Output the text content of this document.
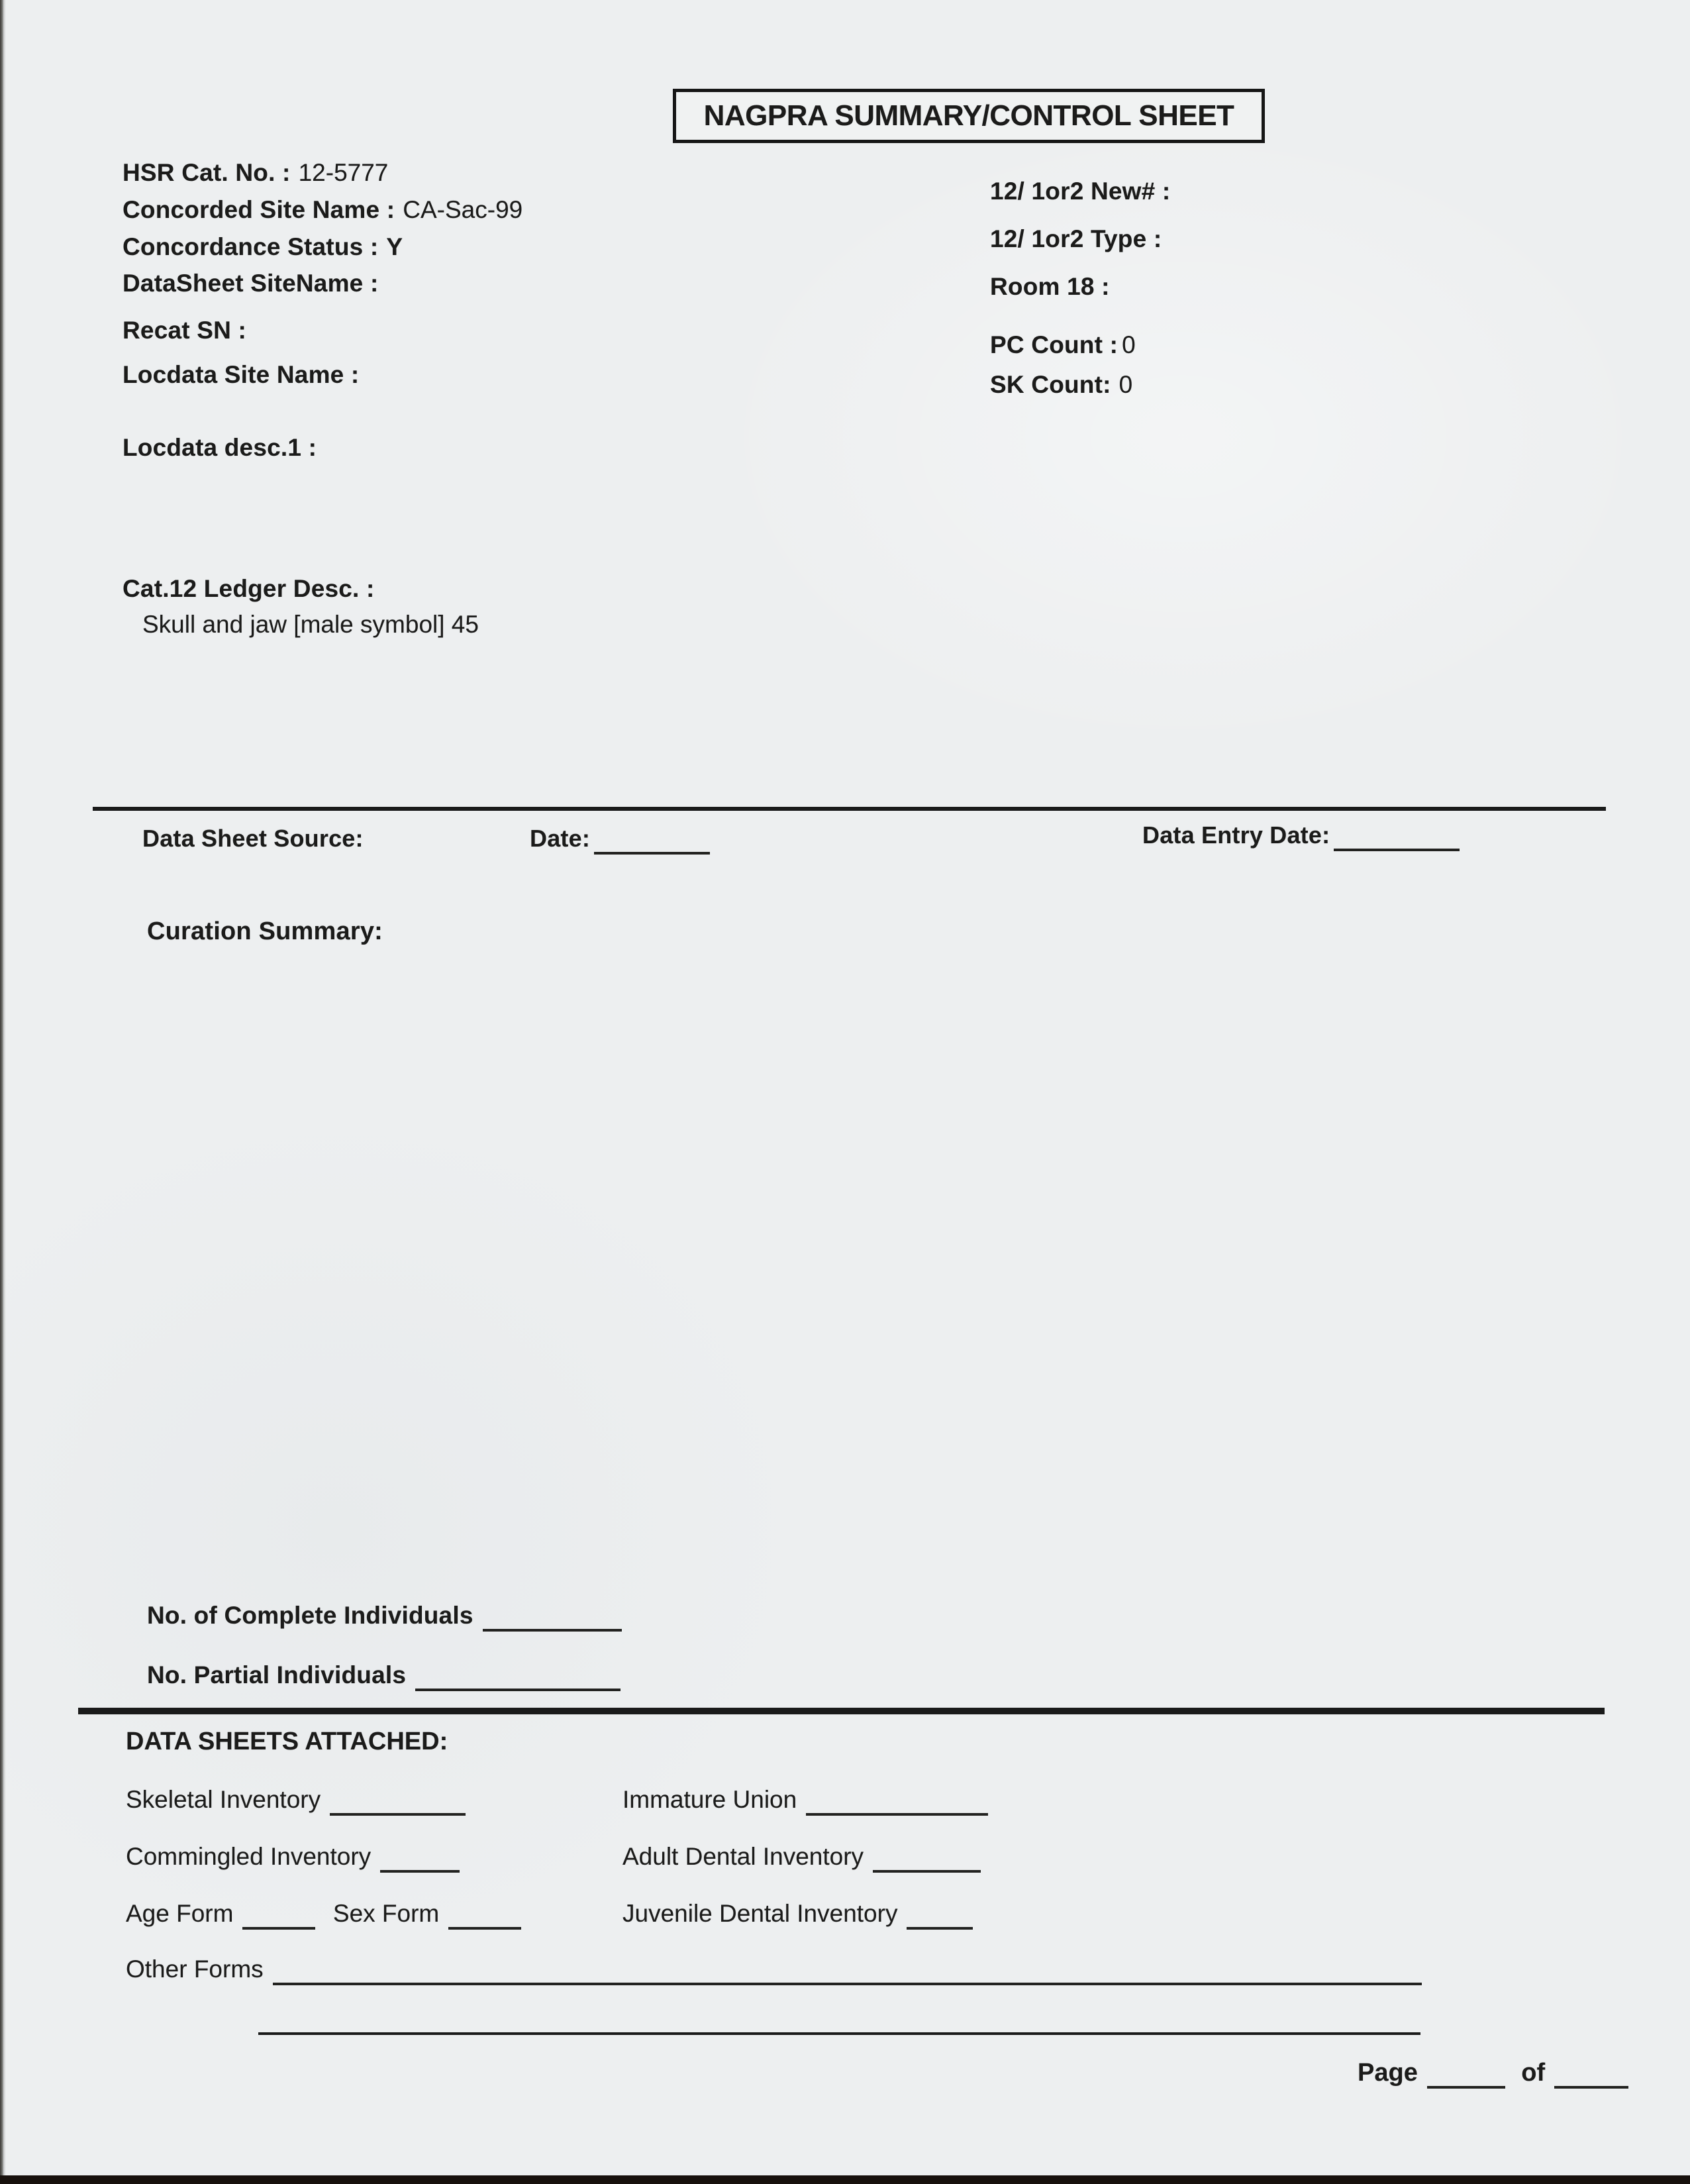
NAGPRA SUMMARY/CONTROL SHEET
HSR Cat. No. : 12-5777
Concorded Site Name : CA-Sac-99
Concordance Status : Y
DataSheet SiteName :
Recat SN :
Locdata Site Name :
Locdata desc.1 :
12/ 1or2 New# :
12/ 1or2 Type :
Room 18 :
PC Count : 0
SK Count: 0
Cat.12 Ledger Desc. :
Skull and jaw [male symbol] 45
Data Sheet Source:	Date:	Data Entry Date:
Curation Summary:
No. of Complete Individuals
No. Partial Individuals
DATA SHEETS ATTACHED:
Skeletal Inventory	Immature Union
Commingled Inventory	Adult Dental Inventory
Age Form	Sex Form	Juvenile Dental Inventory
Other Forms
Page	of
